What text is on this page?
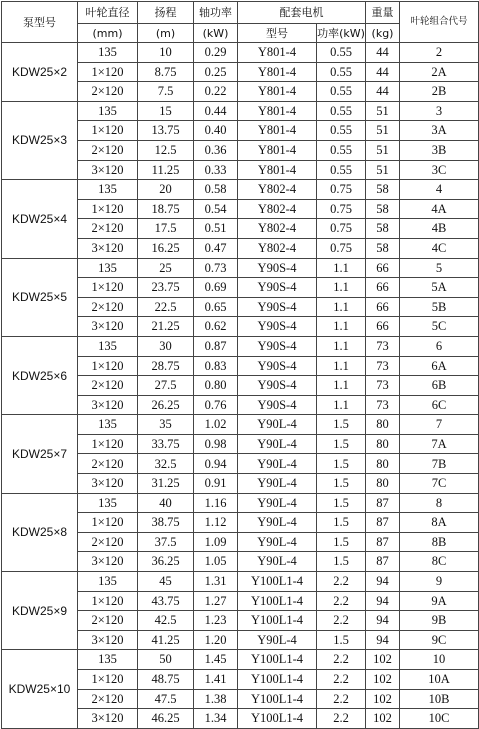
泵型号	叶轮直径	扬程	轴功率	配套电机		重量	叶轮组合代号
	(mm)	(m)	(kW)	型号	功率(kW)	(kg)	
KDW25×2	135	10	0.29	Y801-4	0.55	44	2
	1×120	8.75	0.25	Y801-4	0.55	44	2A
	2×120	7.5	0.22	Y801-4	0.55	44	2B
KDW25×3	135	15	0.44	Y801-4	0.55	51	3
	1×120	13.75	0.40	Y801-4	0.55	51	3A
	2×120	12.5	0.36	Y801-4	0.55	51	3B
	3×120	11.25	0.33	Y801-4	0.55	51	3C
KDW25×4	135	20	0.58	Y802-4	0.75	58	4
	1×120	18.75	0.54	Y802-4	0.75	58	4A
	2×120	17.5	0.51	Y802-4	0.75	58	4B
	3×120	16.25	0.47	Y802-4	0.75	58	4C
KDW25×5	135	25	0.73	Y90S-4	1.1	66	5
	1×120	23.75	0.69	Y90S-4	1.1	66	5A
	2×120	22.5	0.65	Y90S-4	1.1	66	5B
	3×120	21.25	0.62	Y90S-4	1.1	66	5C
KDW25×6	135	30	0.87	Y90S-4	1.1	73	6
	1×120	28.75	0.83	Y90S-4	1.1	73	6A
	2×120	27.5	0.80	Y90S-4	1.1	73	6B
	3×120	26.25	0.76	Y90S-4	1.1	73	6C
KDW25×7	135	35	1.02	Y90L-4	1.5	80	7
	1×120	33.75	0.98	Y90L-4	1.5	80	7A
	2×120	32.5	0.94	Y90L-4	1.5	80	7B
	3×120	31.25	0.91	Y90L-4	1.5	80	7C
KDW25×8	135	40	1.16	Y90L-4	1.5	87	8
	1×120	38.75	1.12	Y90L-4	1.5	87	8A
	2×120	37.5	1.09	Y90L-4	1.5	87	8B
	3×120	36.25	1.05	Y90L-4	1.5	87	8C
KDW25×9	135	45	1.31	Y100L1-4	2.2	94	9
	1×120	43.75	1.27	Y100L1-4	2.2	94	9A
	2×120	42.5	1.23	Y100L1-4	2.2	94	9B
	3×120	41.25	1.20	Y90L-4	1.5	94	9C
KDW25×10	135	50	1.45	Y100L1-4	2.2	102	10
	1×120	48.75	1.41	Y100L1-4	2.2	102	10A
	2×120	47.5	1.38	Y100L1-4	2.2	102	10B
	3×120	46.25	1.34	Y100L1-4	2.2	102	10C
